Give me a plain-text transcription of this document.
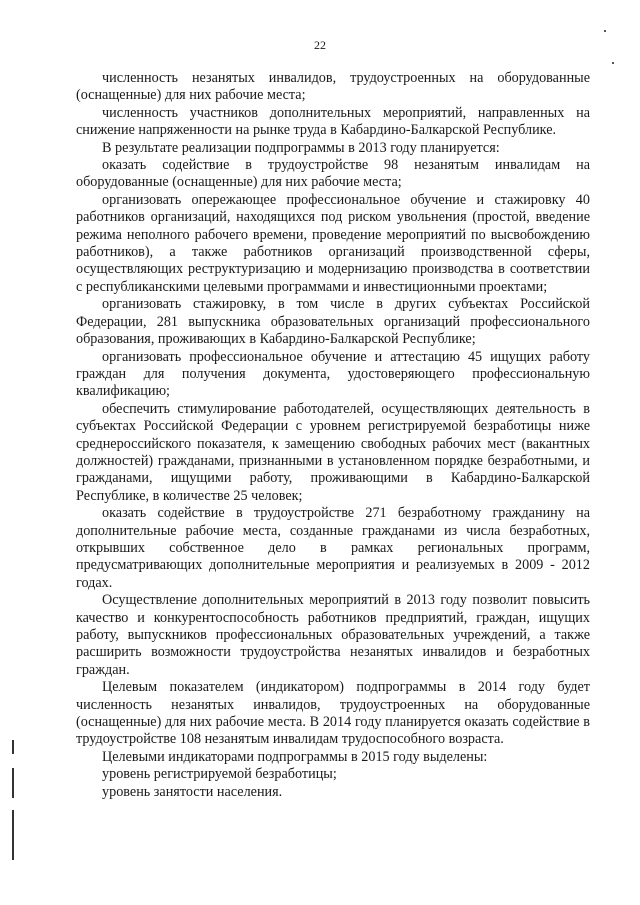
22

численность незанятых инвалидов, трудоустроенных на оборудованные (оснащенные) для них рабочие места;

численность участников дополнительных мероприятий, направленных на снижение напряженности на рынке труда в Кабардино-Балкарской Республике.

В результате реализации подпрограммы в 2013 году планируется:

оказать содействие в трудоустройстве 98 незанятым инвалидам на оборудованные (оснащенные) для них рабочие места;

организовать опережающее профессиональное обучение и стажировку 40 работников организаций, находящихся под риском увольнения (простой, введение режима неполного рабочего времени, проведение мероприятий по высвобождению работников), а также работников организаций производственной сферы, осуществляющих реструктуризацию и модернизацию производства в соответствии с республиканскими целевыми программами и инвестиционными проектами;

организовать стажировку, в том числе в других субъектах Российской Федерации, 281 выпускника образовательных организаций профессионального образования, проживающих в Кабардино-Балкарской Республике;

организовать профессиональное обучение и аттестацию 45 ищущих работу граждан для получения документа, удостоверяющего профессиональную квалификацию;

обеспечить стимулирование работодателей, осуществляющих деятельность в субъектах Российской Федерации с уровнем регистрируемой безработицы ниже среднероссийского показателя, к замещению свободных рабочих мест (вакантных должностей) гражданами, признанными в установленном порядке безработными, и гражданами, ищущими работу, проживающими в Кабардино-Балкарской Республике, в количестве 25 человек;

оказать содействие в трудоустройстве 271 безработному гражданину на дополнительные рабочие места, созданные гражданами из числа безработных, открывших собственное дело в рамках региональных программ, предусматривающих дополнительные мероприятия и реализуемых в 2009 - 2012 годах.

Осуществление дополнительных мероприятий в 2013 году позволит повысить качество и конкурентоспособность работников предприятий, граждан, ищущих работу, выпускников профессиональных образовательных учреждений, а также расширить возможности трудоустройства незанятых инвалидов и безработных граждан.

Целевым показателем (индикатором) подпрограммы в 2014 году будет численность незанятых инвалидов, трудоустроенных на оборудованные (оснащенные) для них рабочие места. В 2014 году планируется оказать содействие в трудоустройстве 108 незанятым инвалидам трудоспособного возраста.

Целевыми индикаторами подпрограммы в 2015 году выделены:

уровень регистрируемой безработицы;

уровень занятости населения.
